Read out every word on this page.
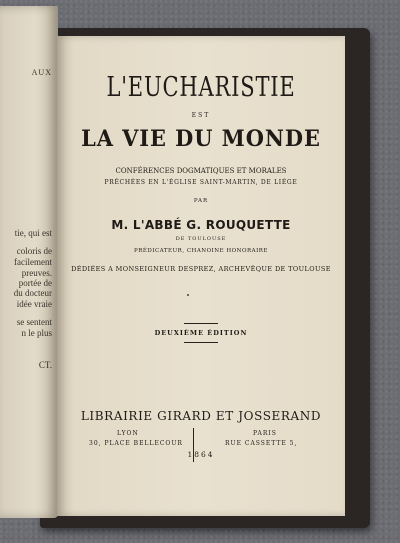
AUX
tie, qui est
coloris de
facilement
preuves.
portée de
du docteur
idée vraie
se sentent
n le plus
CT.
L'EUCHARISTIE
EST
LA VIE DU MONDE
CONFÉRENCES DOGMATIQUES ET MORALES
PRÊCHÉES EN L'ÉGLISE SAINT-MARTIN, DE LIÉGE
PAR
M. L'ABBÉ G. ROUQUETTE
DE TOULOUSE
PRÉDICATEUR, CHANOINE HONORAIRE
DÉDIÉES A MONSEIGNEUR DESPREZ, ARCHEVÊQUE DE TOULOUSE
DEUXIÈME ÉDITION
LIBRAIRIE GIRARD ET JOSSERAND
LYON
30, PLACE BELLECOUR
PARIS
RUE CASSETTE 5,
1864
